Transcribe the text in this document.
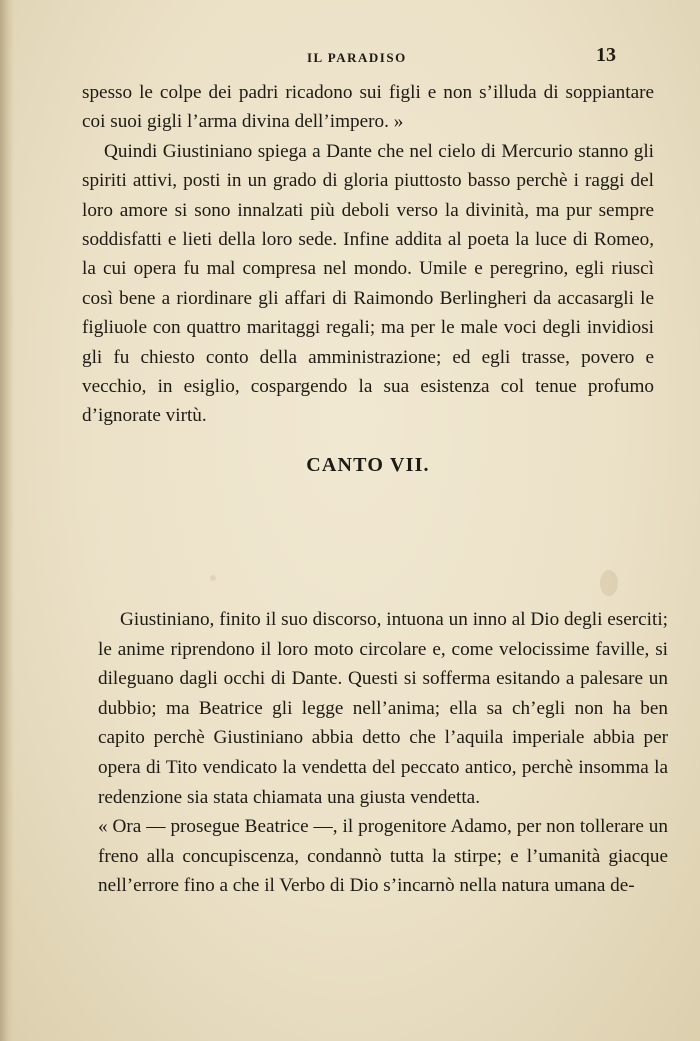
IL PARADISO	13

spesso le colpe dei padri ricadono sui figli e non s’illuda di soppiantare coi suoi gigli l’arma divina dell’impero. »

Quindi Giustiniano spiega a Dante che nel cielo di Mercurio stanno gli spiriti attivi, posti in un grado di gloria piuttosto basso perchè i raggi del loro amore si sono innalzati più deboli verso la divinità, ma pur sempre soddisfatti e lieti della loro sede. Infine addita al poeta la luce di Romeo, la cui opera fu mal compresa nel mondo. Umile e peregrino, egli riuscì così bene a riordinare gli affari di Raimondo Berlingheri da accasargli le figliuole con quattro maritaggi regali; ma per le male voci degli invidiosi gli fu chiesto conto della amministrazione; ed egli trasse, povero e vecchio, in esiglio, cospargendo la sua esistenza col tenue profumo d’ignorate virtù.

CANTO VII.

Giustiniano, finito il suo discorso, intuona un inno al Dio degli eserciti; le anime riprendono il loro moto circolare e, come velocissime faville, si dileguano dagli occhi di Dante. Questi si sofferma esitando a palesare un dubbio; ma Beatrice gli legge nell’anima; ella sa ch’egli non ha ben capito perchè Giustiniano abbia detto che l’aquila imperiale abbia per opera di Tito vendicato la vendetta del peccato antico, perchè insomma la redenzione sia stata chiamata una giusta vendetta.

« Ora — prosegue Beatrice —, il progenitore Adamo, per non tollerare un freno alla concupiscenza, condannò tutta la stirpe; e l’umanità giacque nell’errore fino a che il Verbo di Dio s’incarnò nella natura umana de-
